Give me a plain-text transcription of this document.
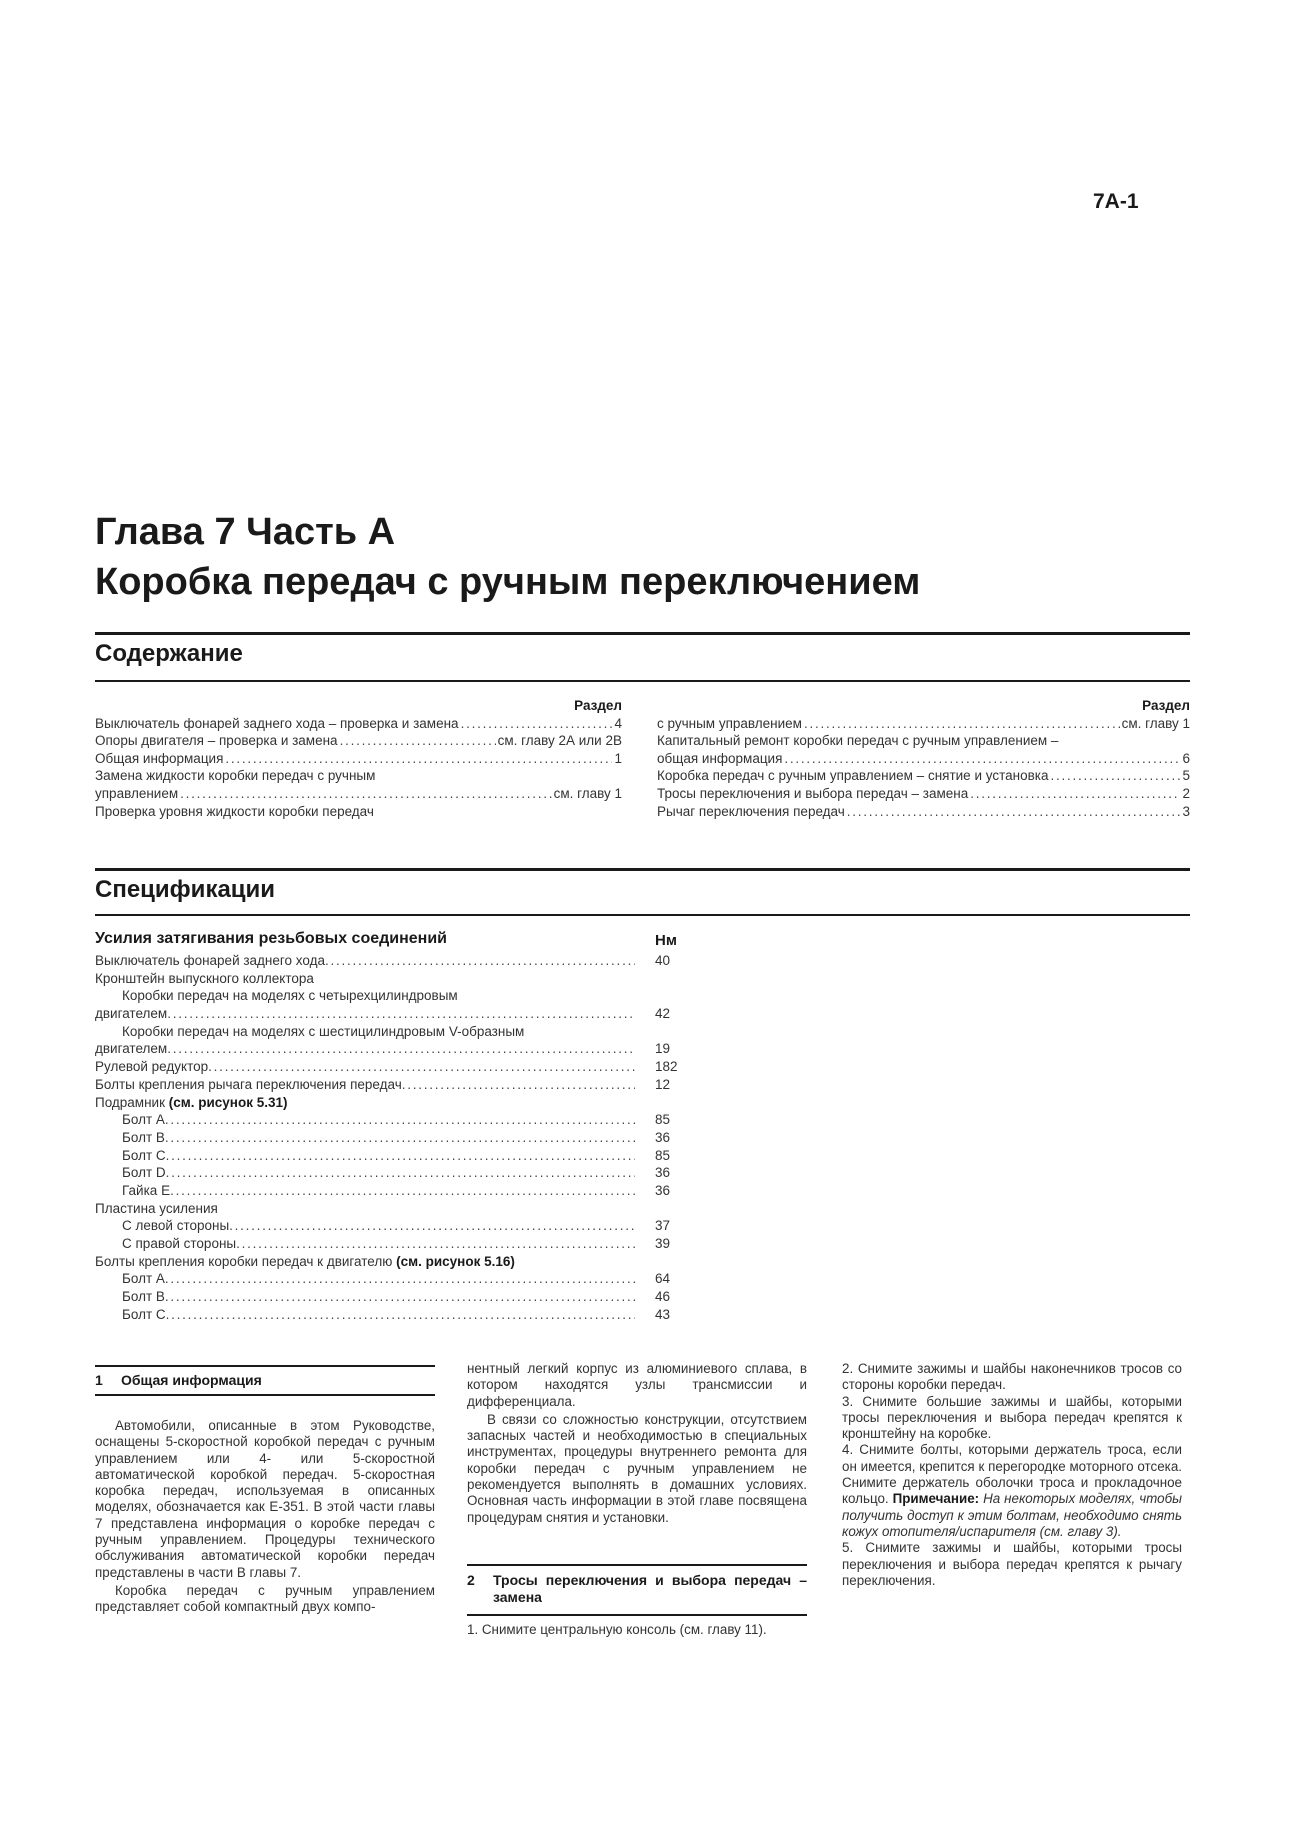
7A-1
Глава 7 Часть А
Коробка передач с ручным переключением
Содержание
Раздел
Выключатель фонарей заднего хода – проверка и замена . . .	4
Опоры двигателя – проверка и замена . . .	см. главу 2А или 2В
Общая информация . . .	1
Замена жидкости коробки передач с ручным
управлением . . .	см. главу 1
Проверка уровня жидкости коробки передач
Раздел
с ручным управлением . . .	см. главу 1
Капитальный ремонт коробки передач с ручным управлением –
общая информация . . .	6
Коробка передач с ручным управлением – снятие и установка . . .	5
Тросы переключения и выбора передач – замена . . .	2
Рычаг переключения передач . . .	3
Спецификации
Усилия затягивания резьбовых соединений	Нм
Выключатель фонарей заднего хода . . .	40
Кронштейн выпускного коллектора
Коробки передач на моделях с четырехцилиндровым
двигателем . . .	42
Коробки передач на моделях с шестицилиндровым V-образным
двигателем . . .	19
Рулевой редуктор . . .	182
Болты крепления рычага переключения передач . . .	12
Подрамник (см. рисунок 5.31)
Болт A . . .	85
Болт B . . .	36
Болт C . . .	85
Болт D . . .	36
Гайка E . . .	36
Пластина усиления
С левой стороны . . .	37
С правой стороны . . .	39
Болты крепления коробки передач к двигателю (см. рисунок 5.16)
Болт A . . .	64
Болт B . . .	46
Болт C . . .	43
1	Общая информация

Автомобили, описанные в этом Руководстве, оснащены 5-скоростной коробкой передач с ручным управлением или 4- или 5-скоростной автоматической коробкой передач. 5-скоростная коробка передач, используемая в описанных моделях, обозначается как E-351. В этой части главы 7 представлена информация о коробке передач с ручным управлением. Процедуры технического обслуживания автоматической коробки передач представлены в части В главы 7.

Коробка передач с ручным управлением представляет собой компактный двух компо-

нентный легкий корпус из алюминиевого сплава, в котором находятся узлы трансмиссии и дифференциала.

В связи со сложностью конструкции, отсутствием запасных частей и необходимостью в специальных инструментах, процедуры внутреннего ремонта для коробки передач с ручным управлением не рекомендуется выполнять в домашних условиях. Основная часть информации в этой главе посвящена процедурам снятия и установки.

2	Тросы переключения и выбора передач – замена

1. Снимите центральную консоль (см. главу 11).

2. Снимите зажимы и шайбы наконечников тросов со стороны коробки передач.

3. Снимите большие зажимы и шайбы, которыми тросы переключения и выбора передач крепятся к кронштейну на коробке.

4. Снимите болты, которыми держатель троса, если он имеется, крепится к перегородке моторного отсека. Снимите держатель оболочки троса и прокладочное кольцо. Примечание: На некоторых моделях, чтобы получить доступ к этим болтам, необходимо снять кожух отопителя/испарителя (см. главу 3).

5. Снимите зажимы и шайбы, которыми тросы переключения и выбора передач крепятся к рычагу переключения.
